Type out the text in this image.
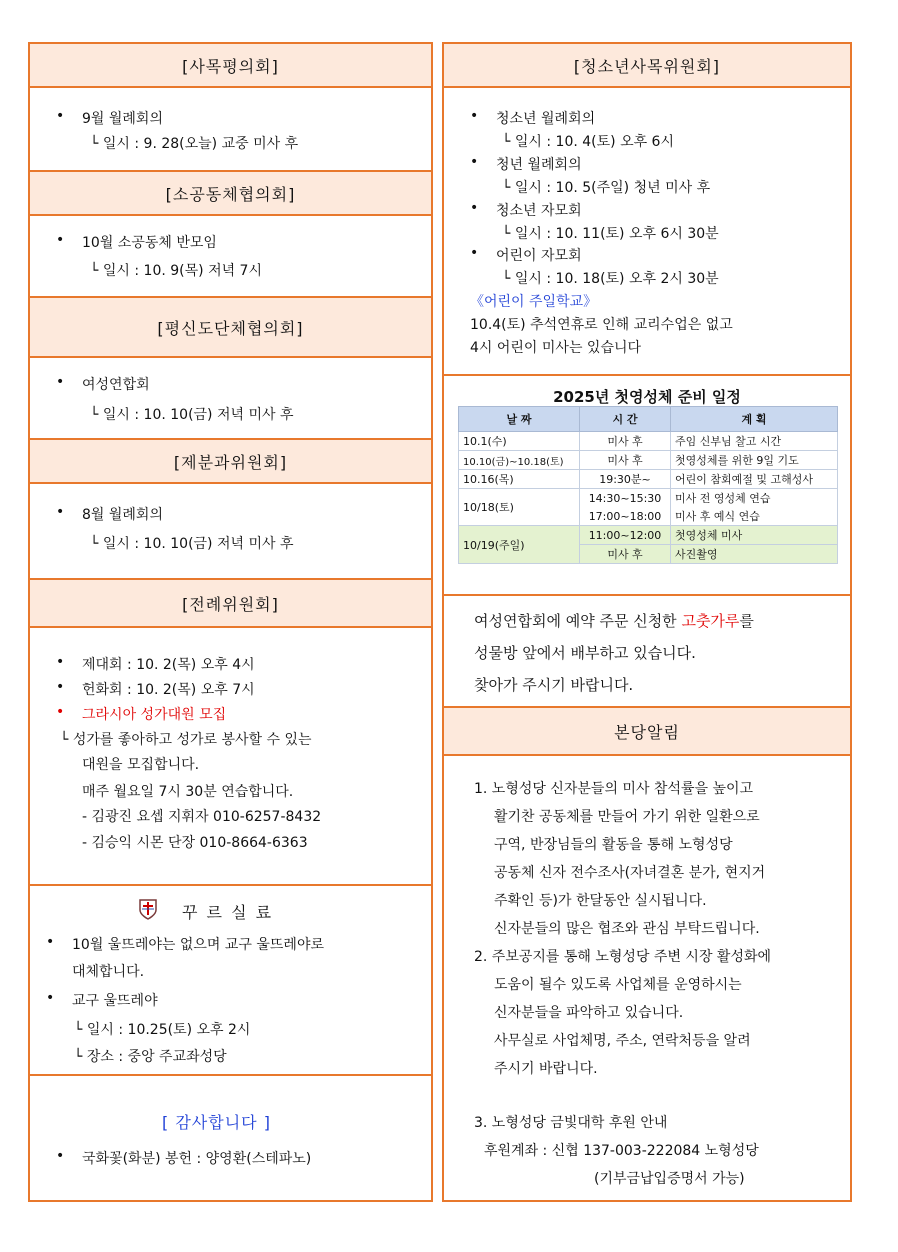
[사목평의회]
• 9월 월례회의
└ 일시 : 9. 28(오늘) 교중 미사 후
[소공동체협의회]
• 10월 소공동체 반모임
└ 일시 : 10. 9(목) 저녁 7시
[평신도단체협의회]
• 여성연합회
└ 일시 : 10. 10(금) 저녁 미사 후
[제분과위원회]
• 8월 월례회의
└ 일시 : 10. 10(금) 저녁 미사 후
[전례위원회]
• 제대회 : 10. 2(목) 오후 4시
• 헌화회 : 10. 2(목) 오후 7시
• 그라시아 성가대원 모집
└ 성가를 좋아하고 성가로 봉사할 수 있는
대원을 모집합니다.
매주 월요일 7시 30분 연습합니다.
- 김광진 요셉 지휘자 010-6257-8432
- 김승익 시몬 단장 010-8664-6363
꾸 르 실 료
• 10월 울뜨레야는 없으며 교구 울뜨레야로
대체합니다.
• 교구 울뜨레야
└ 일시 : 10.25(토) 오후 2시
└ 장소 : 중앙 주교좌성당
[ 감사합니다 ]
• 국화꽃(화분) 봉헌 : 양영환(스테파노)
[청소년사목위원회]
• 청소년 월례회의
└ 일시 : 10. 4(토) 오후 6시
• 청년 월례회의
└ 일시 : 10. 5(주일) 청년 미사 후
• 청소년 자모회
└ 일시 : 10. 11(토) 오후 6시 30분
• 어린이 자모회
└ 일시 : 10. 18(토) 오후 2시 30분
《어린이 주일학교》
10.4(토) 추석연휴로 인해 교리수업은 없고
4시 어린이 미사는 있습니다
2025년 첫영성체 준비 일정
날 짜	시 간	계 획
10.1(수)	미사 후	주임 신부님 찰고 시간
10.10(금)~10.18(토)	미사 후	첫영성체를 위한 9일 기도
10.16(목)	19:30분~	어린이 참회예절 및 고해성사
10/18(토)	14:30~15:30	미사 전 영성체 연습
	17:00~18:00	미사 후 예식 연습
10/19(주일)	11:00~12:00	첫영성체 미사
	미사 후	사진촬영
여성연합회에 예약 주문 신청한 고춧가루를
성물방 앞에서 배부하고 있습니다.
찾아가 주시기 바랍니다.
본당알림
1. 노형성당 신자분들의 미사 참석률을 높이고
활기찬 공동체를 만들어 가기 위한 일환으로
구역, 반장님들의 활동을 통해 노형성당
공동체 신자 전수조사(자녀결혼 분가, 현지거
주확인 등)가 한달동안 실시됩니다.
신자분들의 많은 협조와 관심 부탁드립니다.
2. 주보공지를 통해 노형성당 주변 시장 활성화에
도움이 될수 있도록 사업체를 운영하시는
신자분들을 파악하고 있습니다.
사무실로 사업체명, 주소, 연락처등을 알려
주시기 바랍니다.
3. 노형성당 금빛대학 후원 안내
후원계좌 : 신협 137-003-222084 노형성당
(기부금납입증명서 가능)
